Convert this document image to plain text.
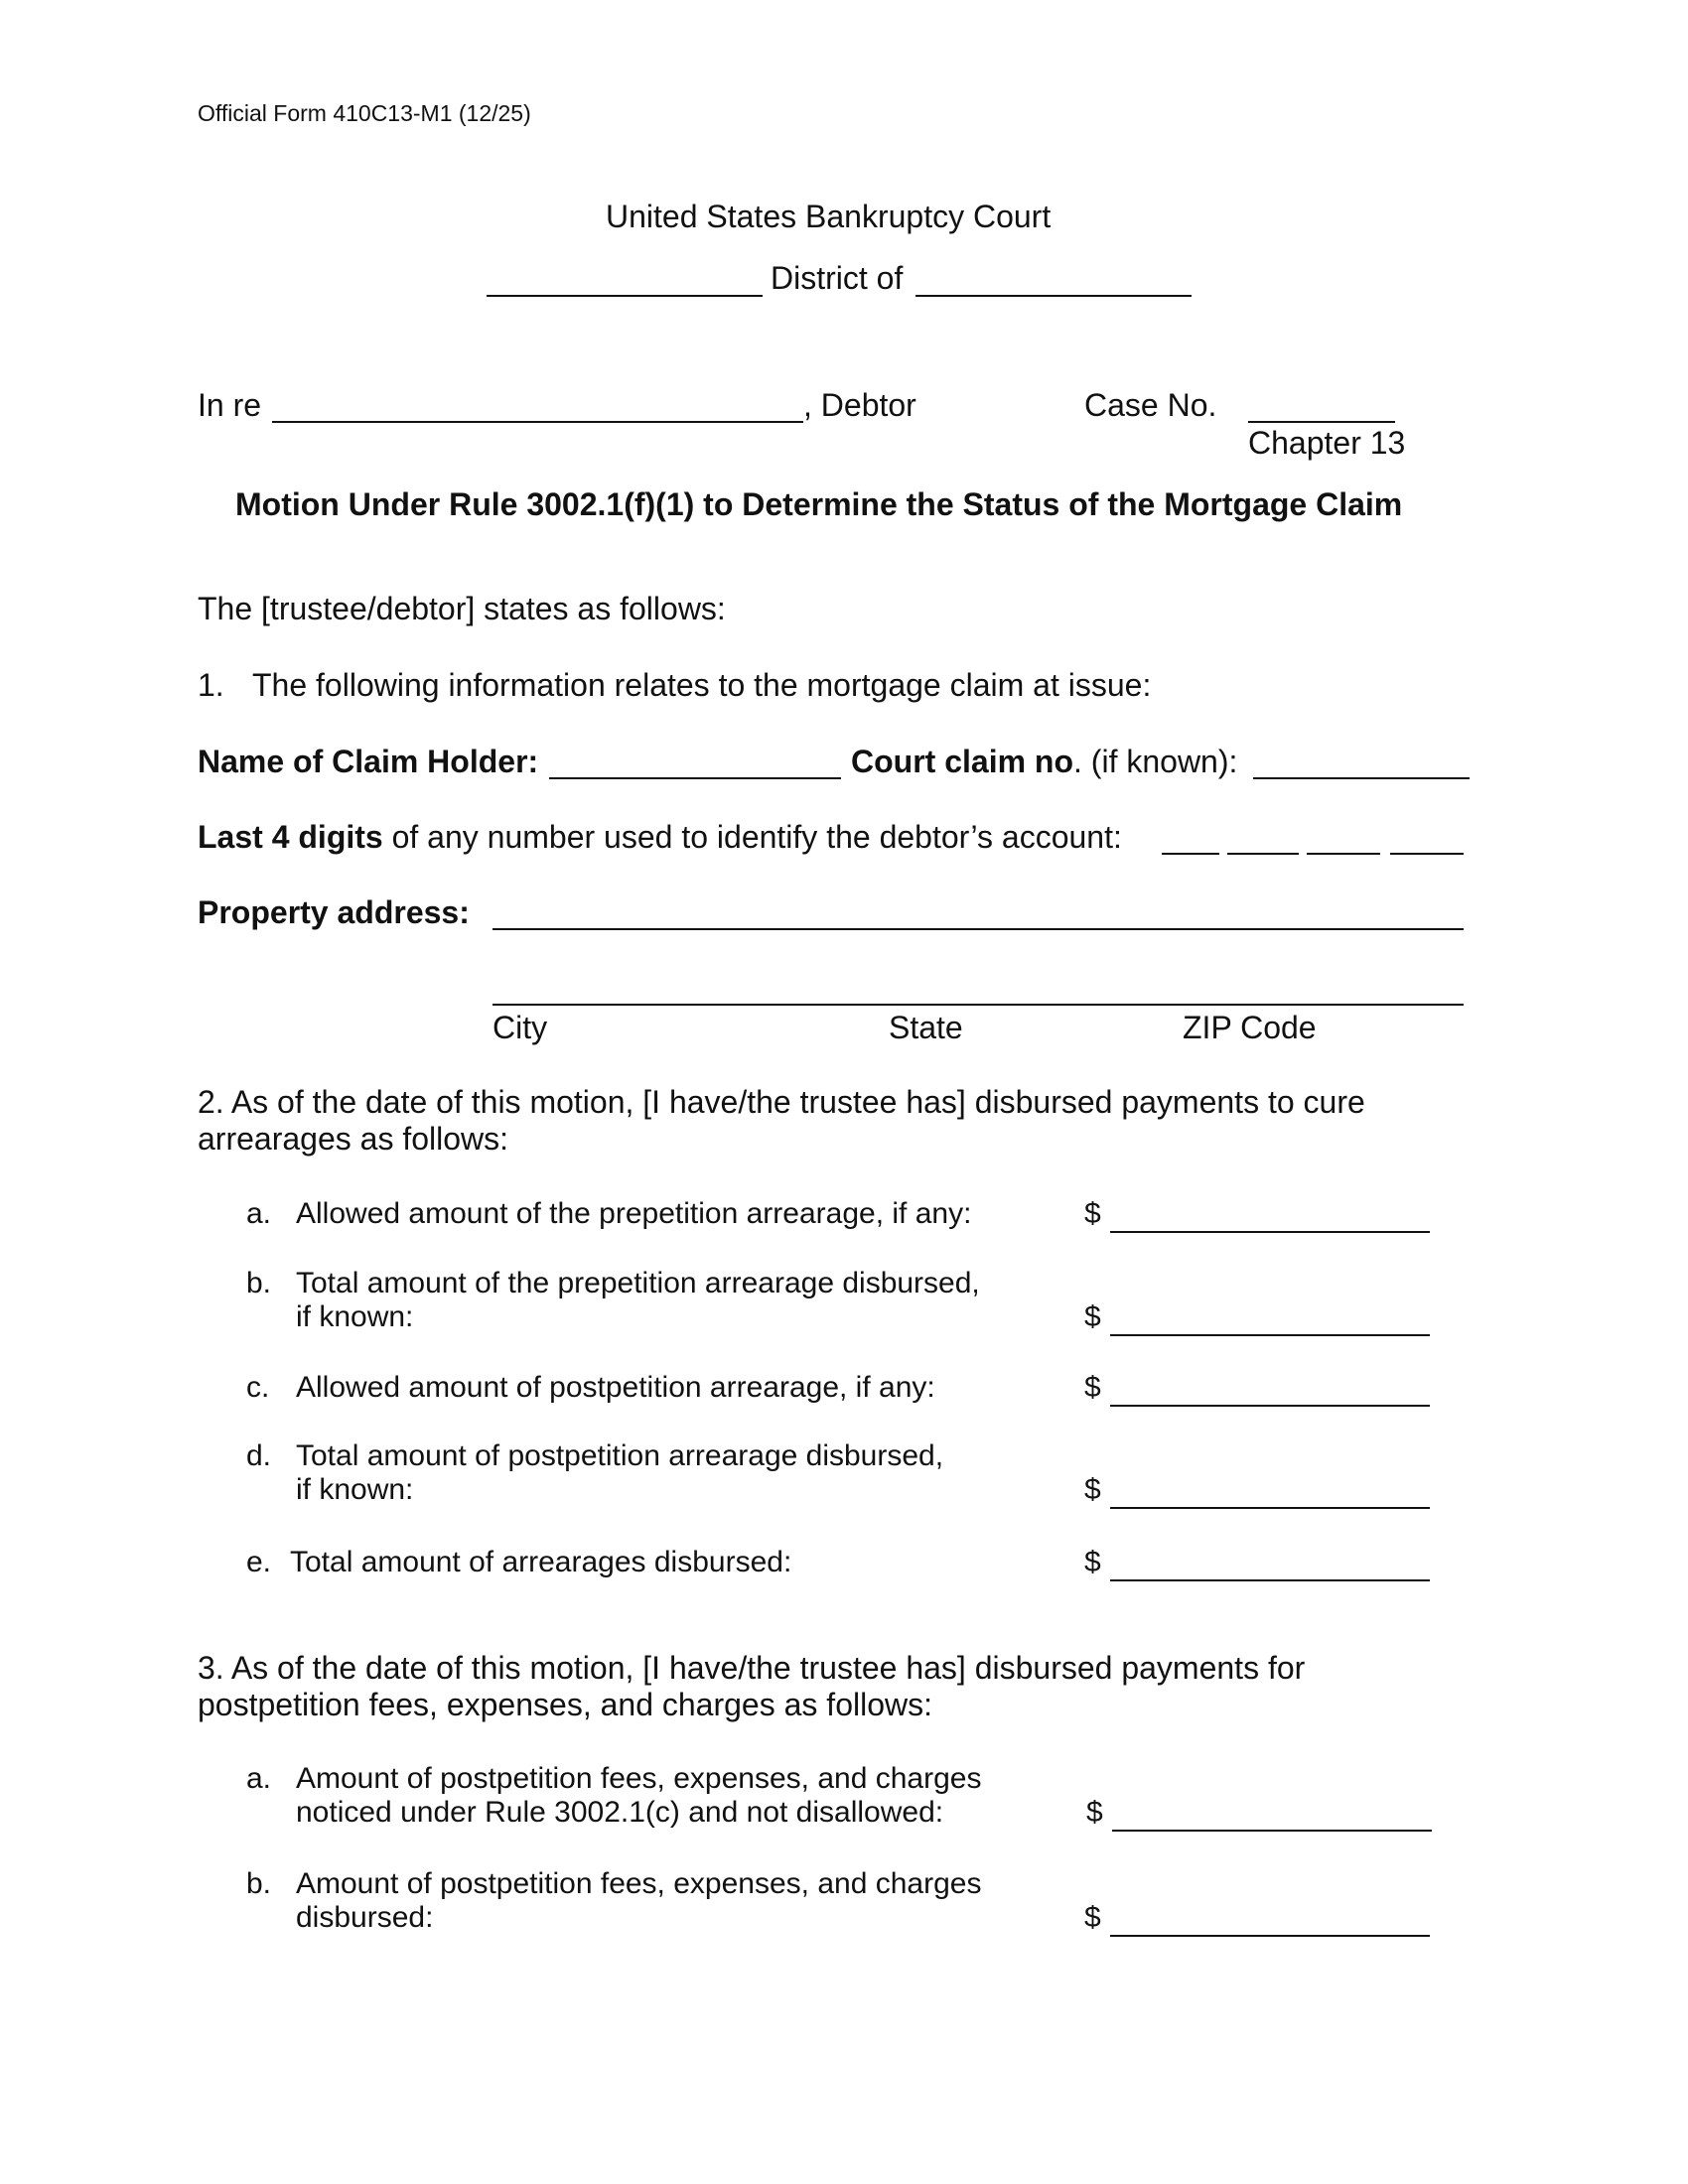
Official Form 410C13-M1 (12/25)
United States Bankruptcy Court
District of
In re	, Debtor	Case No.
Chapter 13
Motion Under Rule 3002.1(f)(1) to Determine the Status of the Mortgage Claim
The [trustee/debtor] states as follows:
1. The following information relates to the mortgage claim at issue:
Name of Claim Holder:	Court claim no. (if known):
Last 4 digits of any number used to identify the debtor’s account:
Property address:
City	State	ZIP Code
2. As of the date of this motion, [I have/the trustee has] disbursed payments to cure
arrearages as follows:
a. Allowed amount of the prepetition arrearage, if any:	$
b. Total amount of the prepetition arrearage disbursed,
if known:	$
c. Allowed amount of postpetition arrearage, if any:	$
d. Total amount of postpetition arrearage disbursed,
if known:	$
e. Total amount of arrearages disbursed:	$
3. As of the date of this motion, [I have/the trustee has] disbursed payments for
postpetition fees, expenses, and charges as follows:
a. Amount of postpetition fees, expenses, and charges
noticed under Rule 3002.1(c) and not disallowed:	$
b. Amount of postpetition fees, expenses, and charges
disbursed:	$
